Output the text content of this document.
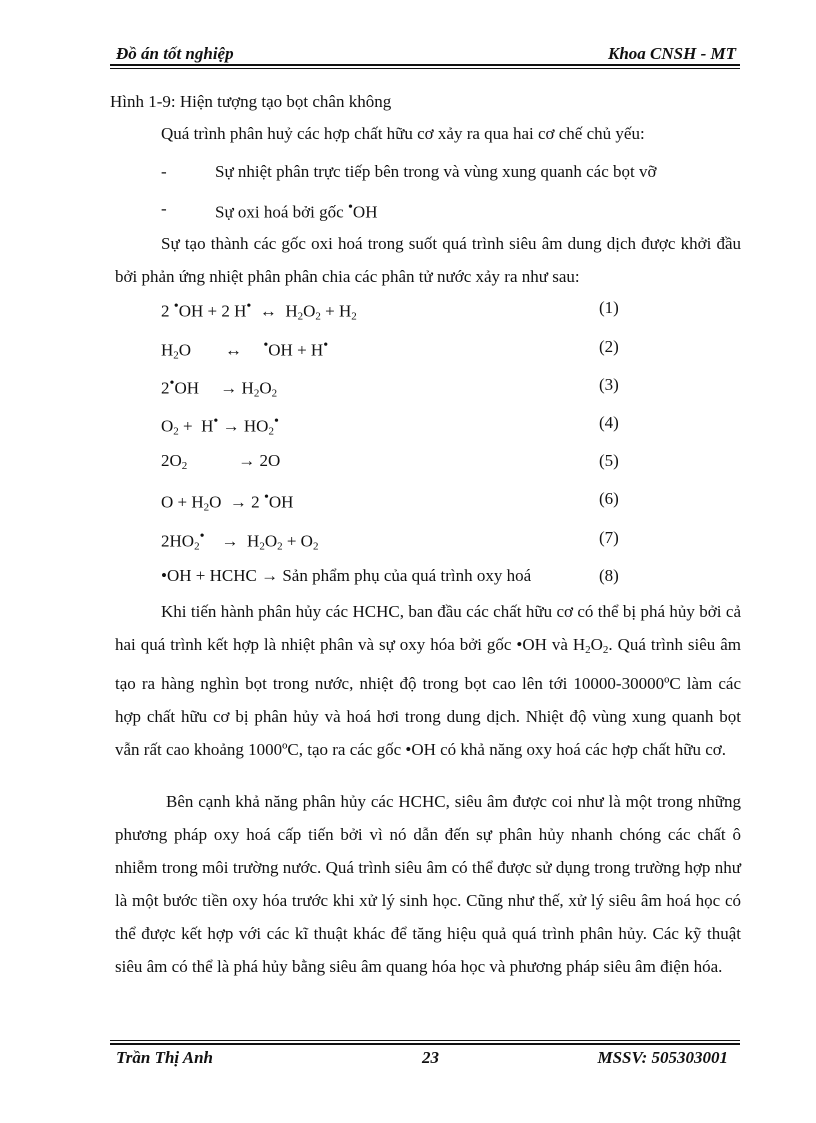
Đồ án tốt nghiệp	Khoa CNSH - MT
Hình 1-9: Hiện tượng tạo bọt chân không
Quá trình phân huỷ các hợp chất hữu cơ xảy ra qua hai cơ chế chủ yếu:
-	Sự nhiệt phân trực tiếp bên trong và vùng xung quanh các bọt vỡ
-	Sự oxi hoá bởi gốc •OH
Sự tạo thành các gốc oxi hoá trong suốt quá trình siêu âm dung dịch được khởi đầu bởi phản ứng nhiệt phân phân chia các phân tử nước xảy ra như sau:
2 •OH + 2 H•  ↔  $H_2O_2 + H_2$	(1)
$H_2O$        ↔     •OH + H•	(2)
2•OH     → $H_2O_2$	(3)
$O_2 + H^• \to HO_2^•$	(4)
$2O_2$            → 2O	(5)
$O + H_2O \to 2$ •OH	(6)
$2HO_2^•$    →  $H_2O_2 + O_2$	(7)
•OH + HCHC → Sản phẩm phụ của quá trình oxy hoá	(8)
Khi tiến hành phân hủy các HCHC, ban đầu các chất hữu cơ có thể bị phá hủy bởi cả hai quá trình kết hợp là nhiệt phân và sự oxy hóa bởi gốc •OH và $H_2O_2$. Quá trình siêu âm tạo ra hàng nghìn bọt trong nước, nhiệt độ trong bọt cao lên tới 10000-30000ºC làm các hợp chất hữu cơ bị phân hủy và hoá hơi trong dung dịch. Nhiệt độ vùng xung quanh bọt vẫn rất cao khoảng 1000ºC, tạo ra các gốc •OH có khả năng oxy hoá các hợp chất hữu cơ.
Bên cạnh khả năng phân hủy các HCHC, siêu âm được coi như là một trong những phương pháp oxy hoá cấp tiến bởi vì nó dẫn đến sự phân hủy nhanh chóng các chất ô nhiễm trong môi trường nước. Quá trình siêu âm có thể được sử dụng trong trường hợp như là một bước tiền oxy hóa trước khi xử lý sinh học. Cũng như thế, xử lý siêu âm hoá học có thể được kết hợp với các kĩ thuật khác để tăng hiệu quả quá trình phân hủy. Các kỹ thuật siêu âm có thể là phá hủy bằng siêu âm quang hóa học và phương pháp siêu âm điện hóa.
Trần Thị Anh	23	MSSV: 505303001
